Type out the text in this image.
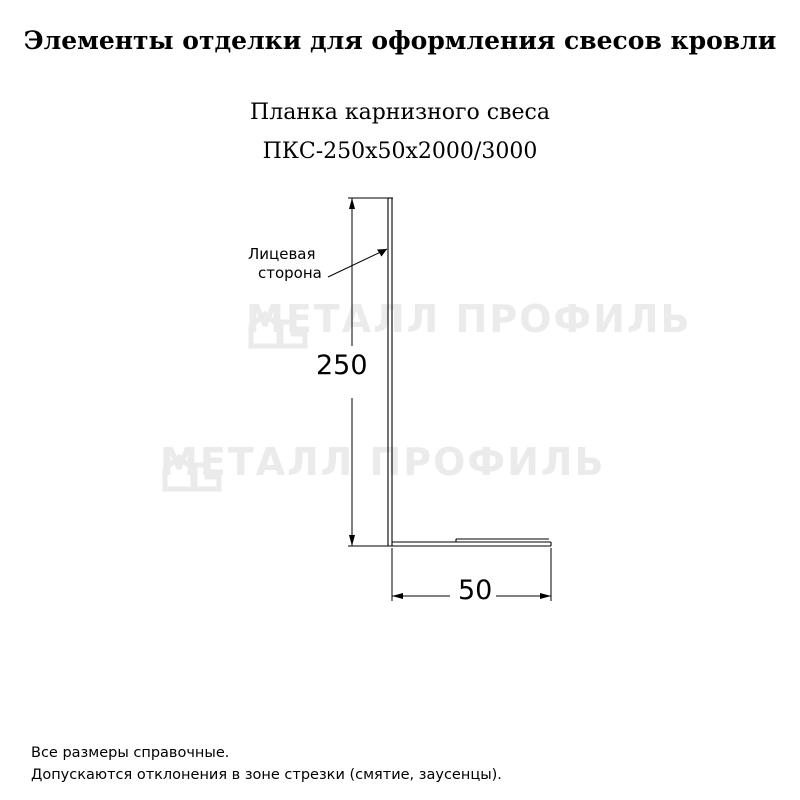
Элементы отделки для оформления свесов кровли
Планка карнизного свеса
ПКС-250x50x2000/3000
МЕТАЛЛ ПРОФИЛЬ
МЕТАЛЛ ПРОФИЛЬ
Лицевая
сторона
250
50
Все размеры справочные.
Допускаются отклонения в зоне стрезки (смятие, заусенцы).
